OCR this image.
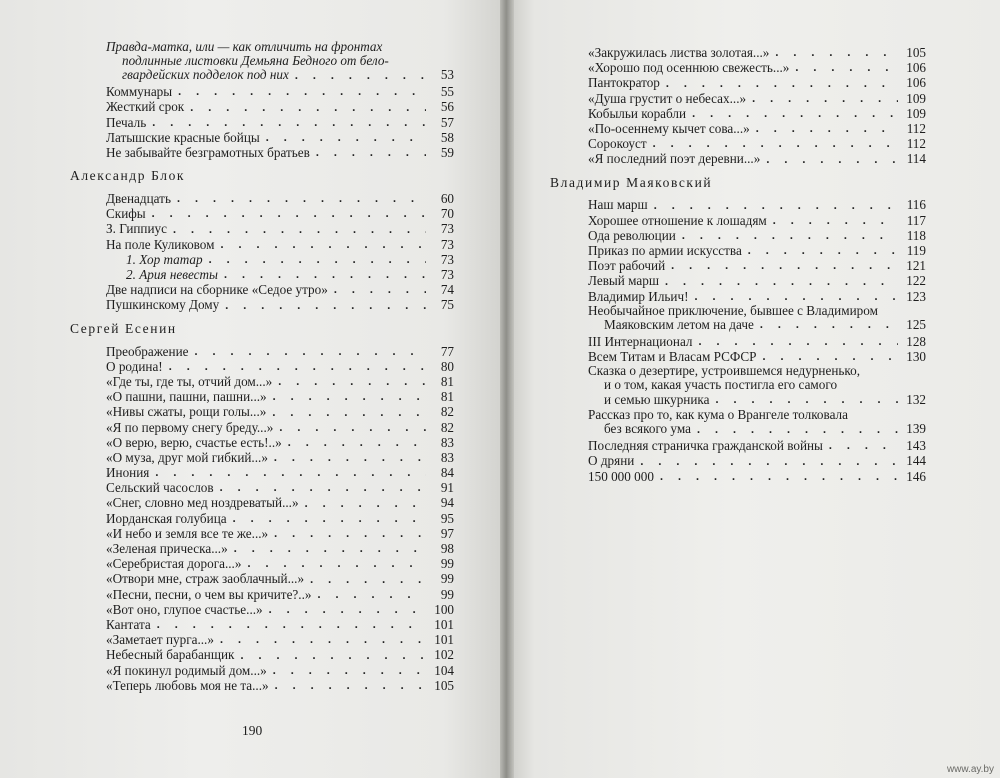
Правда-матка, или — как отличить на фронтах
подлинные листовки Демьяна Бедного от бело-
гвардейских подделок под них . . .	53
Коммунары . . .	55
Жесткий срок . . .	56
Печаль . . .	57
Латышские красные бойцы . . .	58
Не забывайте безграмотных братьев . . .	59
Александр Блок
Двенадцать . . .	60
Скифы . . .	70
З. Гиппиус . . .	73
На поле Куликовом . . .	73
1. Хор татар . . .	73
2. Ария невесты . . .	73
Две надписи на сборнике «Седое утро» . . .	74
Пушкинскому Дому . . .	75
Сергей Есенин
Преображение . . .	77
О родина! . . .	80
«Где ты, где ты, отчий дом...» . . .	81
«О пашни, пашни, пашни...» . . .	81
«Нивы сжаты, рощи голы...» . . .	82
«Я по первому снегу бреду...» . . .	82
«О верю, верю, счастье есть!..» . . .	83
«О муза, друг мой гибкий...» . . .	83
Инония . . .	84
Сельский часослов . . .	91
«Снег, словно мед ноздреватый...» . . .	94
Иорданская голубица . . .	95
«И небо и земля все те же...» . . .	97
«Зеленая прическа...» . . .	98
«Серебристая дорога...» . . .	99
«Отвори мне, страж заоблачный...» . . .	99
«Песни, песни, о чем вы кричите?..» . . .	99
«Вот оно, глупое счастье...» . . .	100
Кантата . . .	101
«Заметает пурга...» . . .	101
Небесный барабанщик . . .	102
«Я покинул родимый дом...» . . .	104
«Теперь любовь моя не та...» . . .	105
190
«Закружилась листва золотая...» . . .	105
«Хорошо под осеннюю свежесть...» . . .	106
Пантократор . . .	106
«Душа грустит о небесах...» . . .	109
Кобыльи корабли . . .	109
«По-осеннему кычет сова...» . . .	112
Сорокоуст . . .	112
«Я последний поэт деревни...» . . .	114
Владимир Маяковский
Наш марш . . .	116
Хорошее отношение к лошадям . . .	117
Ода революции . . .	118
Приказ по армии искусства . . .	119
Поэт рабочий . . .	121
Левый марш . . .	122
Владимир Ильич! . . .	123
Необычайное приключение, бывшее с Владимиром
Маяковским летом на даче . . .	125
III Интернационал . . .	128
Всем Титам и Власам РСФСР . . .	130
Сказка о дезертире, устроившемся недурненько,
и о том, какая участь постигла его самого
и семью шкурника . . .	132
Рассказ про то, как кума о Врангеле толковала
без всякого ума . . .	139
Последняя страничка гражданской войны . . .	143
О дряни . . .	144
150 000 000 . . .	146
www.ay.by
